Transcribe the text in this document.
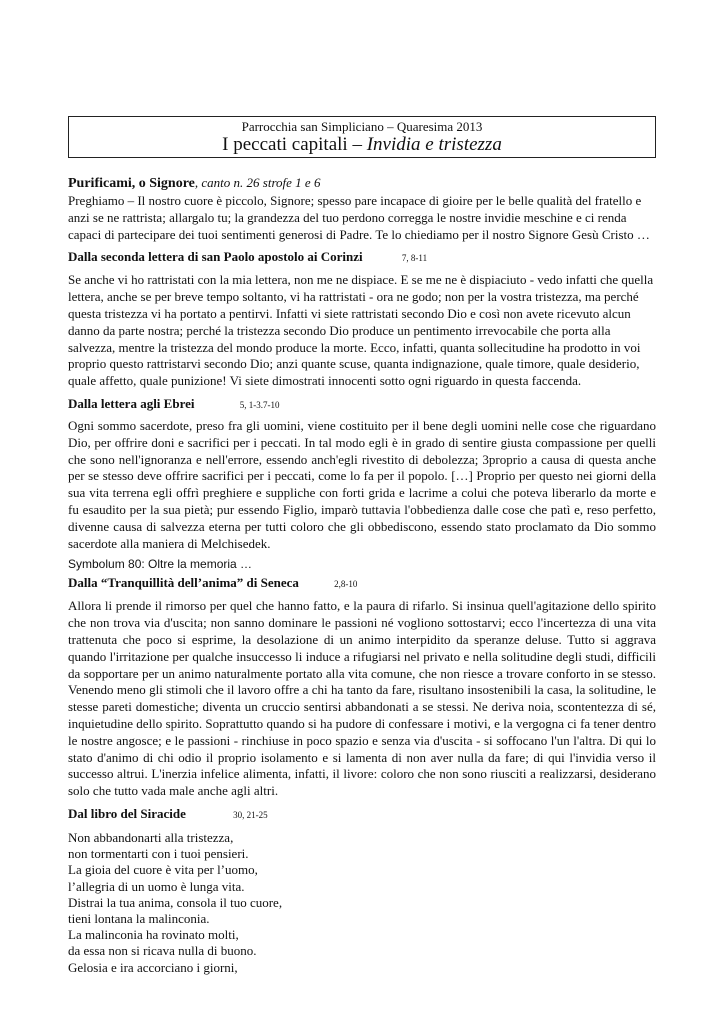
Parrocchia san Simpliciano – Quaresima 2013
I peccati capitali – Invidia e tristezza
Purificami, o Signore, canto n. 26 strofe 1 e 6

Preghiamo – Il nostro cuore è piccolo, Signore; spesso pare incapace di gioire per le belle qualità del fratello e anzi se ne rattrista; allargalo tu; la grandezza del tuo perdono corregga le nostre invidie meschine e ci renda capaci di partecipare dei tuoi sentimenti generosi di Padre. Te lo chiediamo per il nostro Signore Gesù Cristo …

Dalla seconda lettera di san Paolo apostolo ai Corinzi	7, 8-11

Se anche vi ho rattristati con la mia lettera, non me ne dispiace. E se me ne è dispiaciuto - vedo infatti che quella lettera, anche se per breve tempo soltanto, vi ha rattristati - ora ne godo; non per la vostra tristezza, ma perché questa tristezza vi ha portato a pentirvi. Infatti vi siete rattristati secondo Dio e così non avete ricevuto alcun danno da parte nostra; perché la tristezza secondo Dio produce un pentimento irrevocabile che porta alla salvezza, mentre la tristezza del mondo produce la morte. Ecco, infatti, quanta sollecitudine ha prodotto in voi proprio questo rattristarvi secondo Dio; anzi quante scuse, quanta indignazione, quale timore, quale desiderio, quale affetto, quale punizione! Vi siete dimostrati innocenti sotto ogni riguardo in questa faccenda.

Dalla lettera agli Ebrei	5, 1-3.7-10

Ogni sommo sacerdote, preso fra gli uomini, viene costituito per il bene degli uomini nelle cose che riguardano Dio, per offrire doni e sacrifici per i peccati. In tal modo egli è in grado di sentire giusta compassione per quelli che sono nell'ignoranza e nell'errore, essendo anch'egli rivestito di debolezza; 3proprio a causa di questa anche per se stesso deve offrire sacrifici per i peccati, come lo fa per il popolo. […] Proprio per questo nei giorni della sua vita terrena egli offrì preghiere e suppliche con forti grida e lacrime a colui che poteva liberarlo da morte e fu esaudito per la sua pietà; pur essendo Figlio, imparò tuttavia l'obbedienza dalle cose che patì e, reso perfetto, divenne causa di salvezza eterna per tutti coloro che gli obbediscono, essendo stato proclamato da Dio sommo sacerdote alla maniera di Melchisedek.

Symbolum 80: Oltre la memoria …

Dalla “Tranquillità dell’anima” di Seneca	2,8-10

Allora li prende il rimorso per quel che hanno fatto, e la paura di rifarlo. Si insinua quell'agitazione dello spirito che non trova via d'uscita; non sanno dominare le passioni né vogliono sottostarvi; ecco l'incertezza di una vita trattenuta che poco si esprime, la desolazione di un animo interpidito da speranze deluse. Tutto si aggrava quando l'irritazione per qualche insuccesso li induce a rifugiarsi nel privato e nella solitudine degli studi, difficili da sopportare per un animo naturalmente portato alla vita comune, che non riesce a trovare conforto in se stesso. Venendo meno gli stimoli che il lavoro offre a chi ha tanto da fare, risultano insostenibili la casa, la solitudine, le stesse pareti domestiche; diventa un cruccio sentirsi abbandonati a se stessi. Ne deriva noia, scontentezza di sé, inquietudine dello spirito. Soprattutto quando si ha pudore di confessare i motivi, e la vergogna ci fa tener dentro le nostre angosce; e le passioni - rinchiuse in poco spazio e senza via d'uscita - si soffocano l'un l'altra. Di qui lo stato d'animo di chi odio il proprio isolamento e si lamenta di non aver nulla da fare; di qui l'invidia verso il successo altrui. L'inerzia infelice alimenta, infatti, il livore: coloro che non sono riusciti a realizzarsi, desiderano solo che tutto vada male anche agli altri.

Dal libro del Siracide	30, 21-25
Non abbandonarti alla tristezza,
non tormentarti con i tuoi pensieri.
La gioia del cuore è vita per l’uomo,
l’allegria di un uomo è lunga vita.
Distrai la tua anima, consola il tuo cuore,
tieni lontana la malinconia.
La malinconia ha rovinato molti,
da essa non si ricava nulla di buono.
Gelosia e ira accorciano i giorni,
